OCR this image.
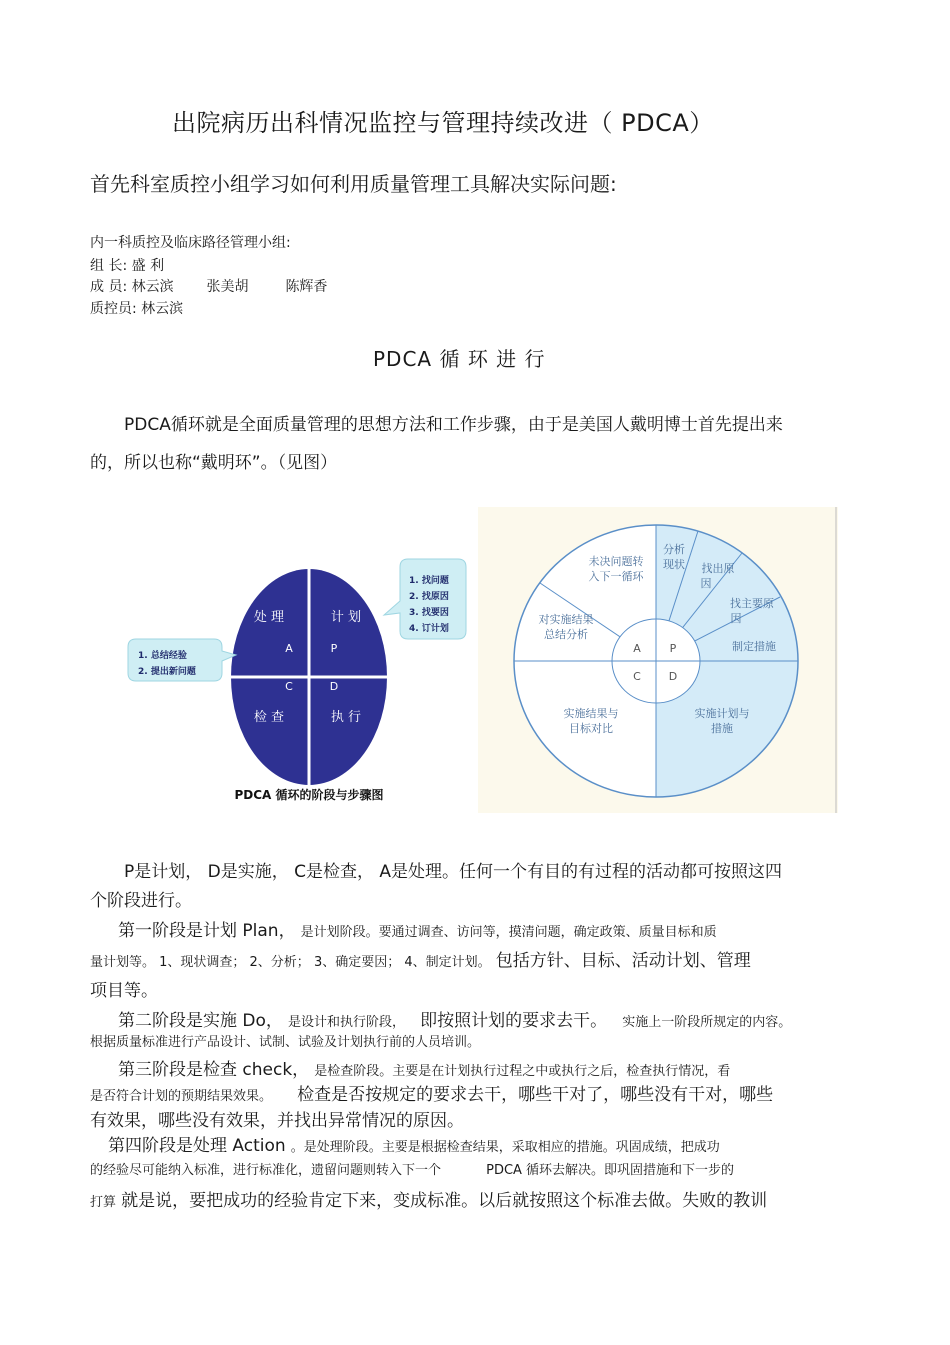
出院病历出科情况监控与管理持续改进（ PDCA）
首先科室质控小组学习如何利用质量管理工具解决实际问题:
内一科质控及临床路径管理小组:
组 长: 盛 利
成 员: 林云滨 张美胡	陈辉香
质控员: 林云滨
PDCA 循 环 进 行
PDCA循环就是全面质量管理的思想方法和工作步骤，由于是美国人戴明博士首先提出来
的，所以也称“戴明环”。（见图）
处 理	计 划
检 查	执 行
A	P
C	D
1. 找问题
2. 找原因
3. 找要因
4. 订计划
1. 总结经验
2. 提出新问题
PDCA 循环的阶段与步骤图
A	P
C	D
未决问题转
入下一循环
对实施结果
总结分析
分析
现状 找出原
因
找主要原
因
制定措施
实施结果与
目标对比
实施计划与
措施
P是计划， D是实施， C是检查， A是处理。任何一个有目的有过程的活动都可按照这四
个阶段进行。
第一阶段是计划 Plan， 是计划阶段。要通过调查、访问等，摸清问题，确定政策、质量目标和质
量计划等。 1、现状调查； 2、分析； 3、确定要因； 4、制定计划。 包括方针、目标、活动计划、管理
项目等。
第二阶段是实施 Do， 是设计和执行阶段， 即按照计划的要求去干。 实施上一阶段所规定的内容。
根据质量标准进行产品设计、试制、试验及计划执行前的人员培训。
第三阶段是检查 check， 是检查阶段。主要是在计划执行过程之中或执行之后，检查执行情况，看
是否符合计划的预期结果效果。 检查是否按规定的要求去干，哪些干对了，哪些没有干对，哪些
有效果，哪些没有效果，并找出异常情况的原因。
第四阶段是处理 Action 。是处理阶段。主要是根据检查结果，采取相应的措施。巩固成绩，把成功
的经验尽可能纳入标准，进行标准化，遗留问题则转入下一个	PDCA 循环去解决。即巩固措施和下一步的
打算 就是说，要把成功的经验肯定下来，变成标准。以后就按照这个标准去做。失败的教训
